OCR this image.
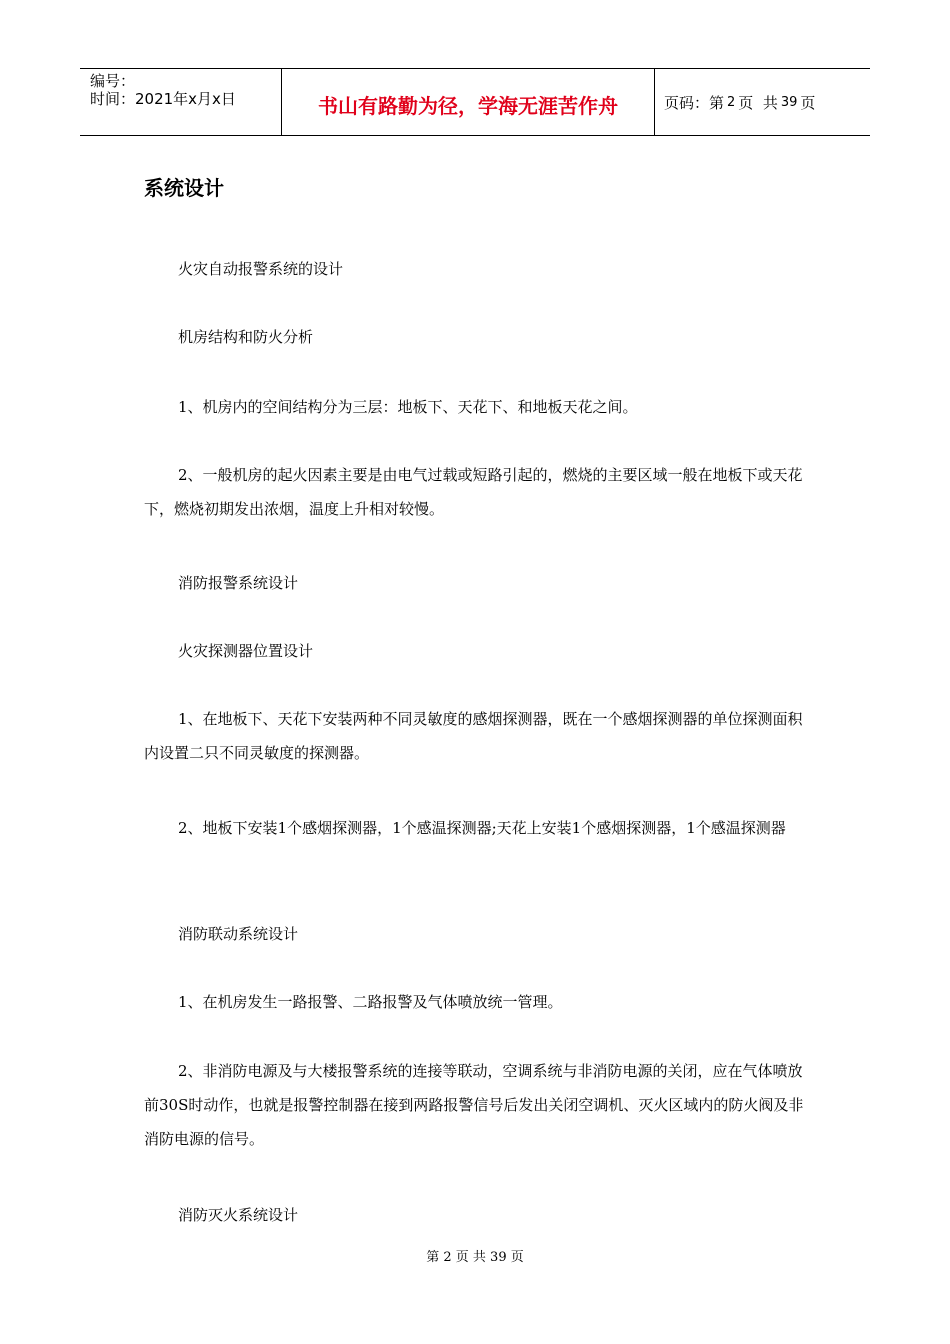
编号：
时间：2021年x月x日	书山有路勤为径，学海无涯苦作舟	页码：第 2 页  共 39 页
系统设计

火灾自动报警系统的设计

机房结构和防火分析

1、机房内的空间结构分为三层：地板下、天花下、和地板天花之间。

2、一般机房的起火因素主要是由电气过载或短路引起的，燃烧的主要区域一般在地板下或天花下，燃烧初期发出浓烟，温度上升相对较慢。

消防报警系统设计

火灾探测器位置设计

1、在地板下、天花下安装两种不同灵敏度的感烟探测器，既在一个感烟探测器的单位探测面积内设置二只不同灵敏度的探测器。

2、地板下安装1个感烟探测器，1个感温探测器;天花上安装1个感烟探测器，1个感温探测器

消防联动系统设计

1、在机房发生一路报警、二路报警及气体喷放统一管理。

2、非消防电源及与大楼报警系统的连接等联动，空调系统与非消防电源的关闭，应在气体喷放前30S时动作，也就是报警控制器在接到两路报警信号后发出关闭空调机、灭火区域内的防火阀及非消防电源的信号。

消防灭火系统设计

第 2 页 共 39 页
